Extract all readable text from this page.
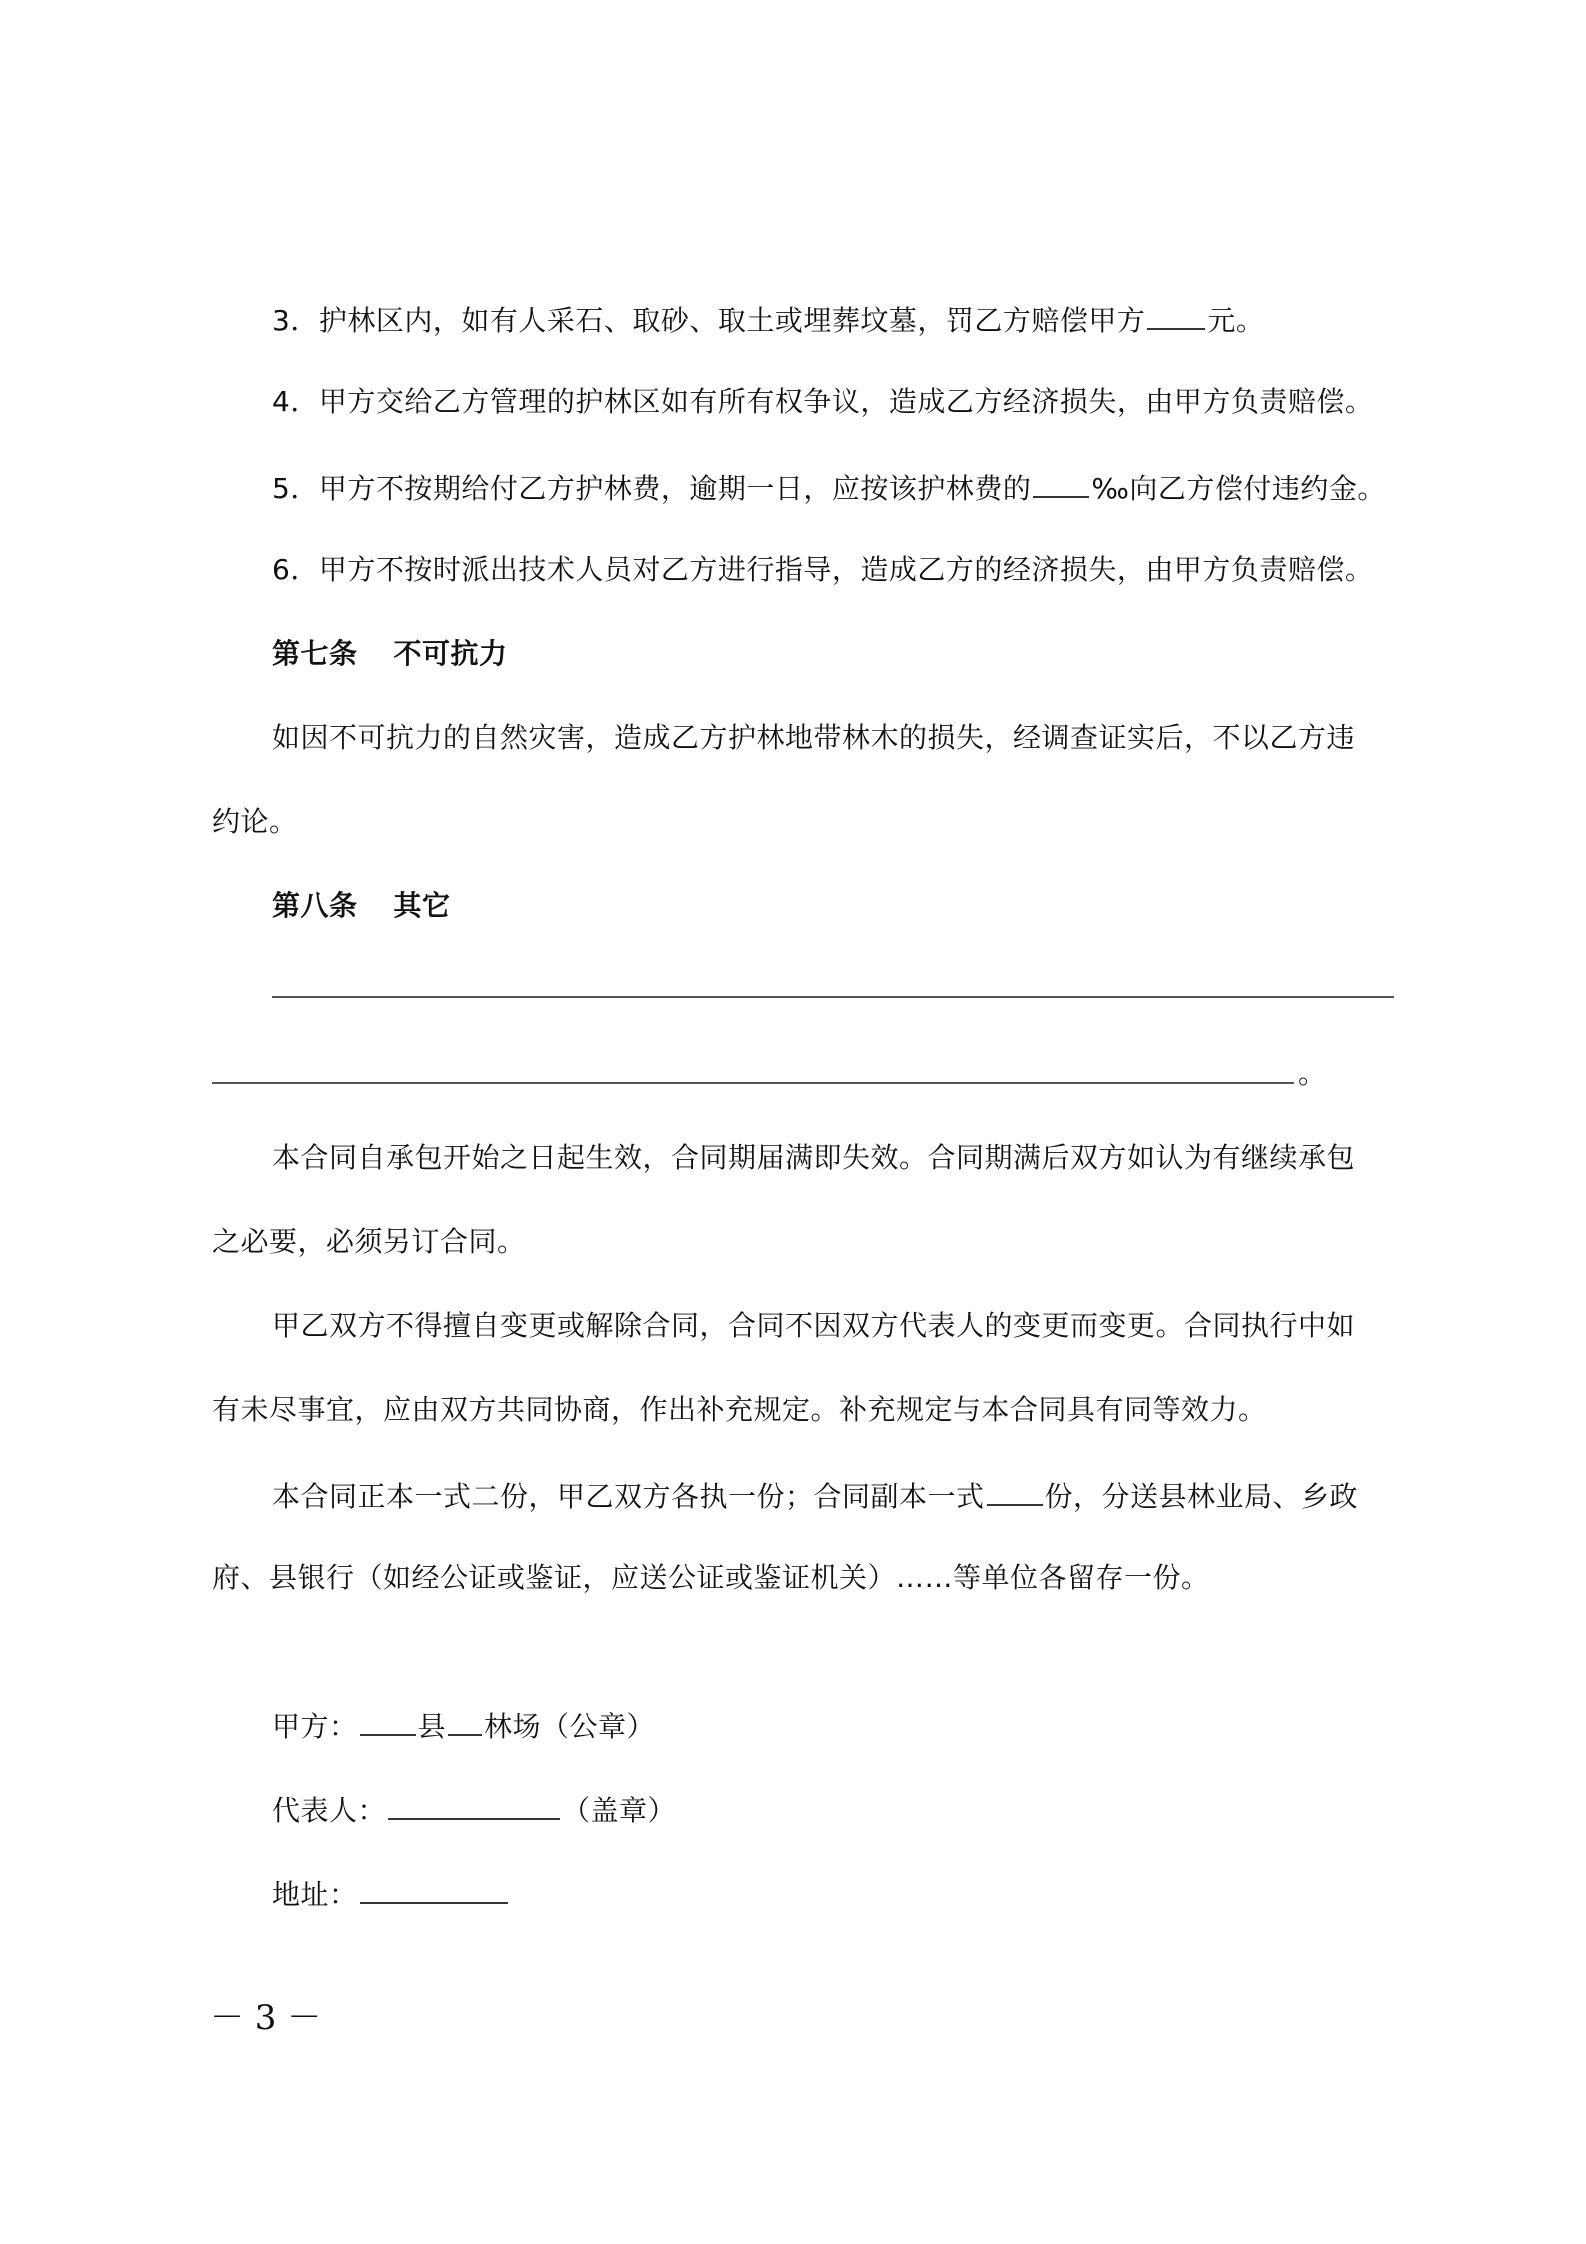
3．护林区内，如有人采石、取砂、取土或埋葬坟墓，罚乙方赔偿甲方 元。
4．甲方交给乙方管理的护林区如有所有权争议，造成乙方经济损失，由甲方负责赔偿。
5．甲方不按期给付乙方护林费，逾期一日，应按该护林费的 ‰向乙方偿付违约金。
6．甲方不按时派出技术人员对乙方进行指导，造成乙方的经济损失，由甲方负责赔偿。
第七条 不可抗力
如因不可抗力的自然灾害，造成乙方护林地带林木的损失，经调查证实后，不以乙方违
约论。
第八条 其它
。
本合同自承包开始之日起生效，合同期届满即失效。合同期满后双方如认为有继续承包
之必要，必须另订合同。
甲乙双方不得擅自变更或解除合同，合同不因双方代表人的变更而变更。合同执行中如
有未尽事宜，应由双方共同协商，作出补充规定。补充规定与本合同具有同等效力。
本合同正本一式二份，甲乙双方各执一份；合同副本一式 份，分送县林业局、乡政
府、县银行（如经公证或鉴证，应送公证或鉴证机关）……等单位各留存一份。
甲方： 县 林场（公章）
代表人：	（盖章）
地址：
－ 3 －
